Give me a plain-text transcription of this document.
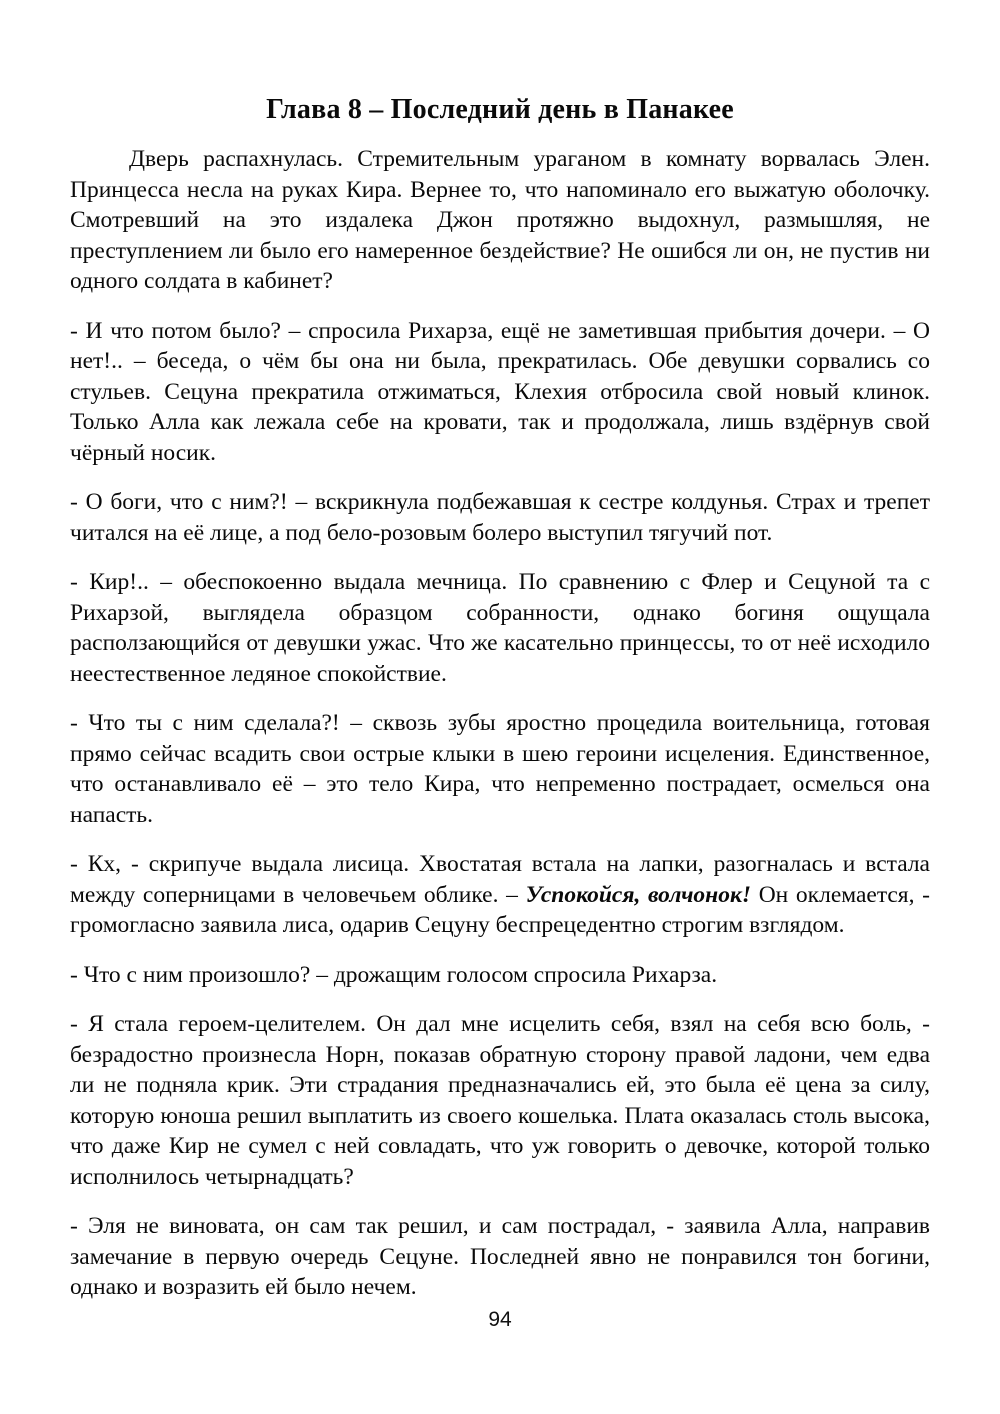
Глава 8 – Последний день в Панакее

Дверь распахнулась. Стремительным ураганом в комнату ворвалась Элен. Принцесса несла на руках Кира. Вернее то, что напоминало его выжатую оболочку. Смотревший на это издалека Джон протяжно выдохнул, размышляя, не преступлением ли было его намеренное бездействие? Не ошибся ли он, не пустив ни одного солдата в кабинет?

- И что потом было? – спросила Рихарза, ещё не заметившая прибытия дочери. – О нет!.. – беседа, о чём бы она ни была, прекратилась. Обе девушки сорвались со стульев. Сецуна прекратила отжиматься, Клехия отбросила свой новый клинок. Только Алла как лежала себе на кровати, так и продолжала, лишь вздёрнув свой чёрный носик.

- О боги, что с ним?! – вскрикнула подбежавшая к сестре колдунья. Страх и трепет читался на её лице, а под бело-розовым болеро выступил тягучий пот.

- Кир!.. – обеспокоенно выдала мечница. По сравнению с Флер и Сецуной та с Рихарзой, выглядела образцом собранности, однако богиня ощущала расползающийся от девушки ужас. Что же касательно принцессы, то от неё исходило неестественное ледяное спокойствие.

- Что ты с ним сделала?! – сквозь зубы яростно процедила воительница, готовая прямо сейчас всадить свои острые клыки в шею героини исцеления. Единственное, что останавливало её – это тело Кира, что непременно пострадает, осмелься она напасть.

- Кх, - скрипуче выдала лисица. Хвостатая встала на лапки, разогналась и встала между соперницами в человечьем облике. – Успокойся, волчонок! Он оклемается, - громогласно заявила лиса, одарив Сецуну беспрецедентно строгим взглядом.

- Что с ним произошло? – дрожащим голосом спросила Рихарза.

- Я стала героем-целителем. Он дал мне исцелить себя, взял на себя всю боль, - безрадостно произнесла Норн, показав обратную сторону правой ладони, чем едва ли не подняла крик. Эти страдания предназначались ей, это была её цена за силу, которую юноша решил выплатить из своего кошелька. Плата оказалась столь высока, что даже Кир не сумел с ней совладать, что уж говорить о девочке, которой только исполнилось четырнадцать?

- Эля не виновата, он сам так решил, и сам пострадал, - заявила Алла, направив замечание в первую очередь Сецуне. Последней явно не понравился тон богини, однако и возразить ей было нечем.

94
